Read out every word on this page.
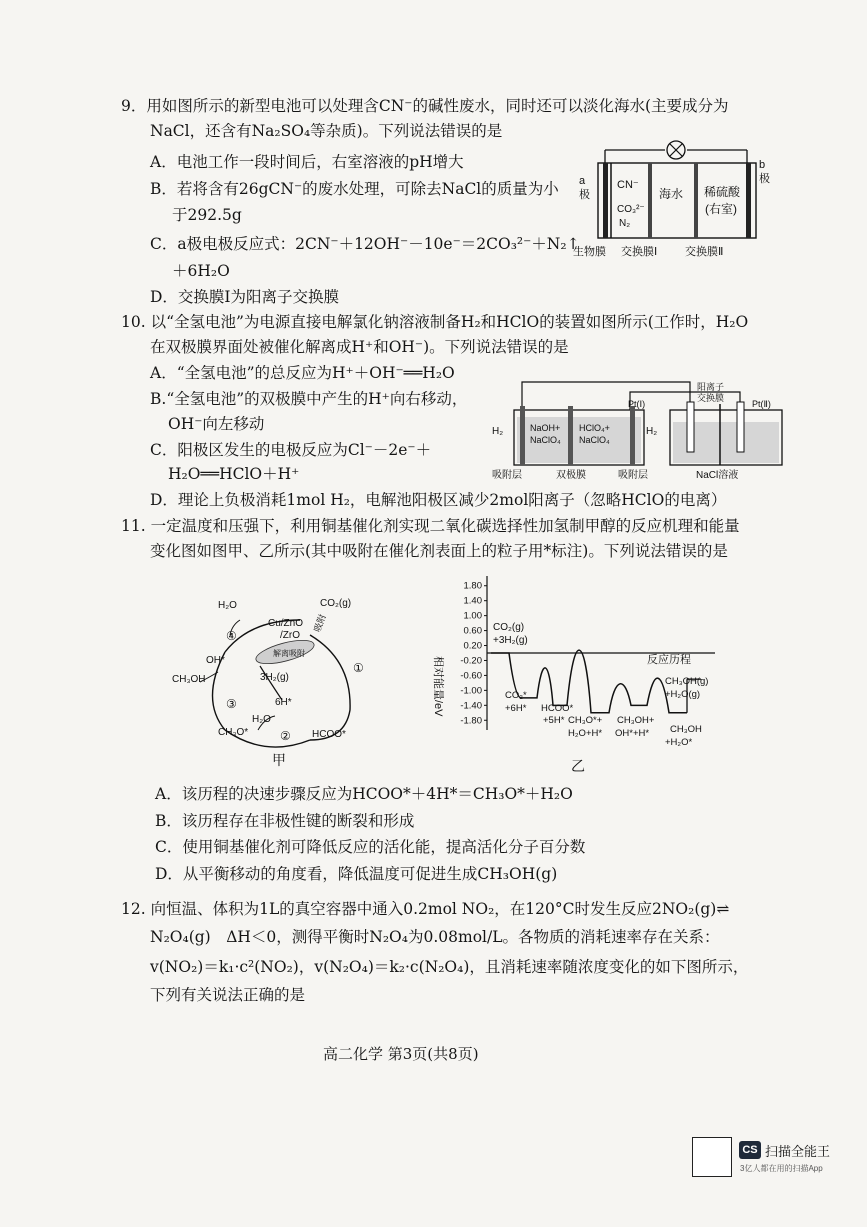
9．用如图所示的新型电池可以处理含CN⁻的碱性废水，同时还可以淡化海水(主要成分为
NaCl，还含有Na₂SO₄等杂质)。下列说法错误的是
A．电池工作一段时间后，右室溶液的pH增大
B．若将含有26gCN⁻的废水处理，可除去NaCl的质量为小
于292.5g
C．a极电极反应式：2CN⁻＋12OH⁻－10e⁻＝2CO₃²⁻＋N₂↑
＋6H₂O
D．交换膜Ⅰ为阳离子交换膜
a
极
b
极
CN⁻
CO₃²⁻
N₂
海水 稀硫酸
(右室)
生物膜 交换膜Ⅰ	交换膜Ⅱ
10. 以“全氢电池”为电源直接电解氯化钠溶液制备H₂和HClO的装置如图所示(工作时，H₂O
在双极膜界面处被催化解离成H⁺和OH⁻)。下列说法错误的是
A．“全氢电池”的总反应为H⁺＋OH⁻══H₂O
B.“全氢电池”的双极膜中产生的H⁺向右移动，
OH⁻向左移动
C．阳极区发生的电极反应为Cl⁻－2e⁻＋
H₂O══HClO＋H⁺
D．理论上负极消耗1mol H₂，电解池阳极区减少2mol阳离子（忽略HClO的电离）
H₂	H₂
NaOH+
NaClO₄
HClO₄+
NaClO₄
Pt(Ⅰ)	Pt(Ⅱ)
阳离子
交换膜
吸附层	双极膜	吸附层	NaCl溶液
11. 一定温度和压强下，利用铜基催化剂实现二氧化碳选择性加氢制甲醇的反应机理和能量
变化图如图甲、乙所示(其中吸附在催化剂表面上的粒子用*标注)。下列说法错误的是
H₂O	CO₂(g)
吸附
Cu/ZnO
/ZrO
解离吸附
3H₂(g)
6H*
④
①
③
②
OH*
CH₃OH
H₂O
CH₃O*	HCOO*
甲
1.80
1.40
1.00
0.60
0.20
-0.20
-0.60
-1.00
-1.40
-1.80
相对能量/eV	反应历程
CO₂(g)
+3H₂(g)
CO₂*
+6H* HCOO*
+5H* CH₃O*+
H₂O+H*
CH₃OH+
OH*+H*
CH₃OH(g)
+H₂O(g)
CH₃OH
+H₂O*
乙
A．该历程的决速步骤反应为HCOO*＋4H*＝CH₃O*＋H₂O
B．该历程存在非极性键的断裂和形成
C．使用铜基催化剂可降低反应的活化能，提高活化分子百分数
D．从平衡移动的角度看，降低温度可促进生成CH₃OH(g)
12. 向恒温、体积为1L的真空容器中通入0.2mol NO₂，在120°C时发生反应2NO₂(g)⇌
N₂O₄(g)　ΔH＜0，测得平衡时N₂O₄为0.08mol/L。各物质的消耗速率存在关系：
v(NO₂)＝k₁·c²(NO₂)，v(N₂O₄)＝k₂·c(N₂O₄)，且消耗速率随浓度变化的如下图所示，
下列有关说法正确的是
高二化学 第3页(共8页)
CS 扫描全能王
3亿人都在用的扫描App
